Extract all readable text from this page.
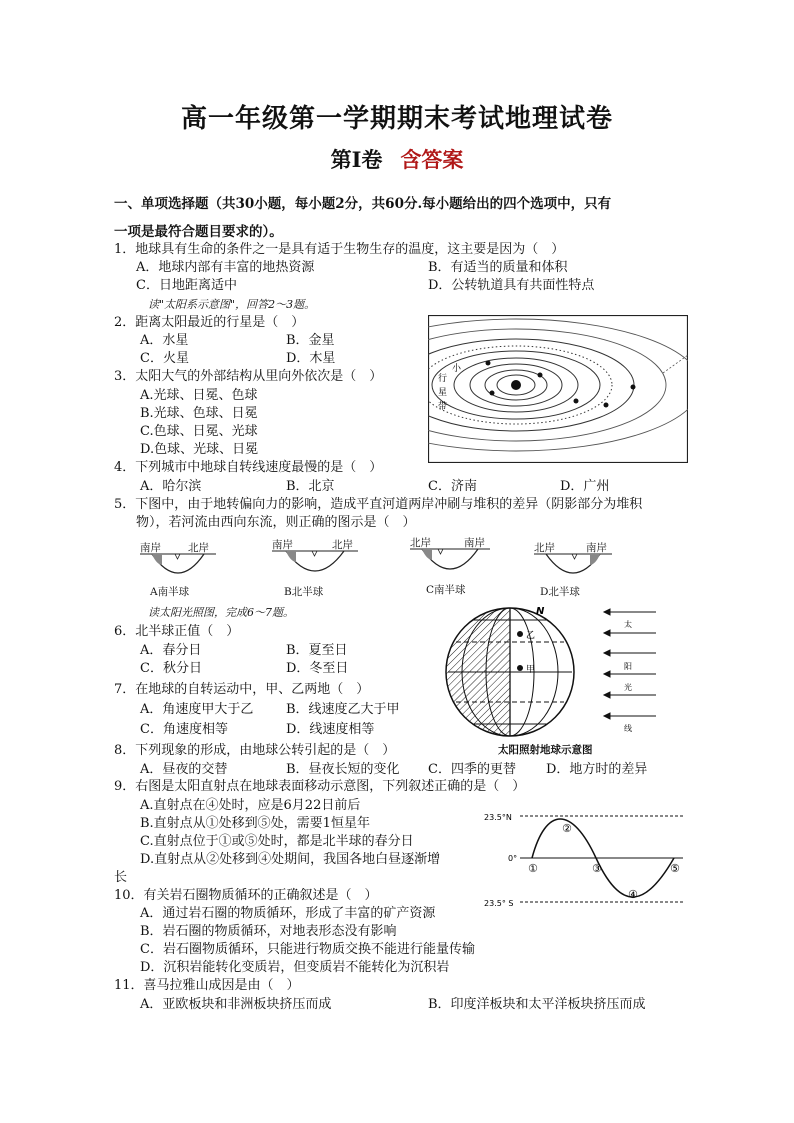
高一年级第一学期期末考试地理试卷
第Ⅰ卷 含答案
一、单项选择题（共30小题，每小题2分，共60分.每小题给出的四个选项中，只有
一项是最符合题目要求的）。
1．地球具有生命的条件之一是具有适于生物生存的温度，这主要是因为（　）
A．地球内部有丰富的地热资源	B．有适当的质量和体积
C．日地距离适中	D．公转轨道具有共面性特点
读"太阳系示意图"，回答2～3题。
2．距离太阳最近的行星是（　）
A．水星	B．金星
C．火星	D．木星
3．太阳大气的外部结构从里向外依次是（　）
A.光球、日冕、色球
B.光球、色球、日冕
C.色球、日冕、光球
D.色球、光球、日冕
行
星
带
小
4．下列城市中地球自转线速度最慢的是（　）
A．哈尔滨	B．北京	C．济南	D．广州
5．下图中，由于地转偏向力的影响，造成平直河道两岸冲刷与堆积的差异（阴影部分为堆积
物），若河流由西向东流，则正确的图示是（　）
南岸	北岸
A南半球
南岸	北岸
B北半球
北岸	南岸
C南半球
北岸	南岸
D北半球
读太阳光照图，完成6～7题。
6．北半球正值（　）
A．春分日	B．夏至日
C．秋分日	D．冬至日
7．在地球的自转运动中，甲、乙两地（　）
A．角速度甲大于乙	B．线速度乙大于甲
C．角速度相等	D．线速度相等
N
乙
甲
太
阳
光
线
太阳照射地球示意图
8．下列现象的形成，由地球公转引起的是（　）
A．昼夜的交替	B．昼夜长短的变化 C．四季的更替 D．地方时的差异
9．右图是太阳直射点在地球表面移动示意图，下列叙述正确的是（　）
A.直射点在④处时，应是6月22日前后
B.直射点从①处移到⑤处，需要1恒星年
C.直射点位于①或⑤处时，都是北半球的春分日
D.直射点从②处移到④处期间，我国各地白昼逐渐增
长
23.5°N
0°
23.5° S
①
②
③
④
⑤
10．有关岩石圈物质循环的正确叙述是（　）
A．通过岩石圈的物质循环，形成了丰富的矿产资源
B．岩石圈的物质循环，对地表形态没有影响
C．岩石圈物质循环，只能进行物质交换不能进行能量传输
D．沉积岩能转化变质岩，但变质岩不能转化为沉积岩
11．喜马拉雅山成因是由（　）
A．亚欧板块和非洲板块挤压而成	B．印度洋板块和太平洋板块挤压而成
